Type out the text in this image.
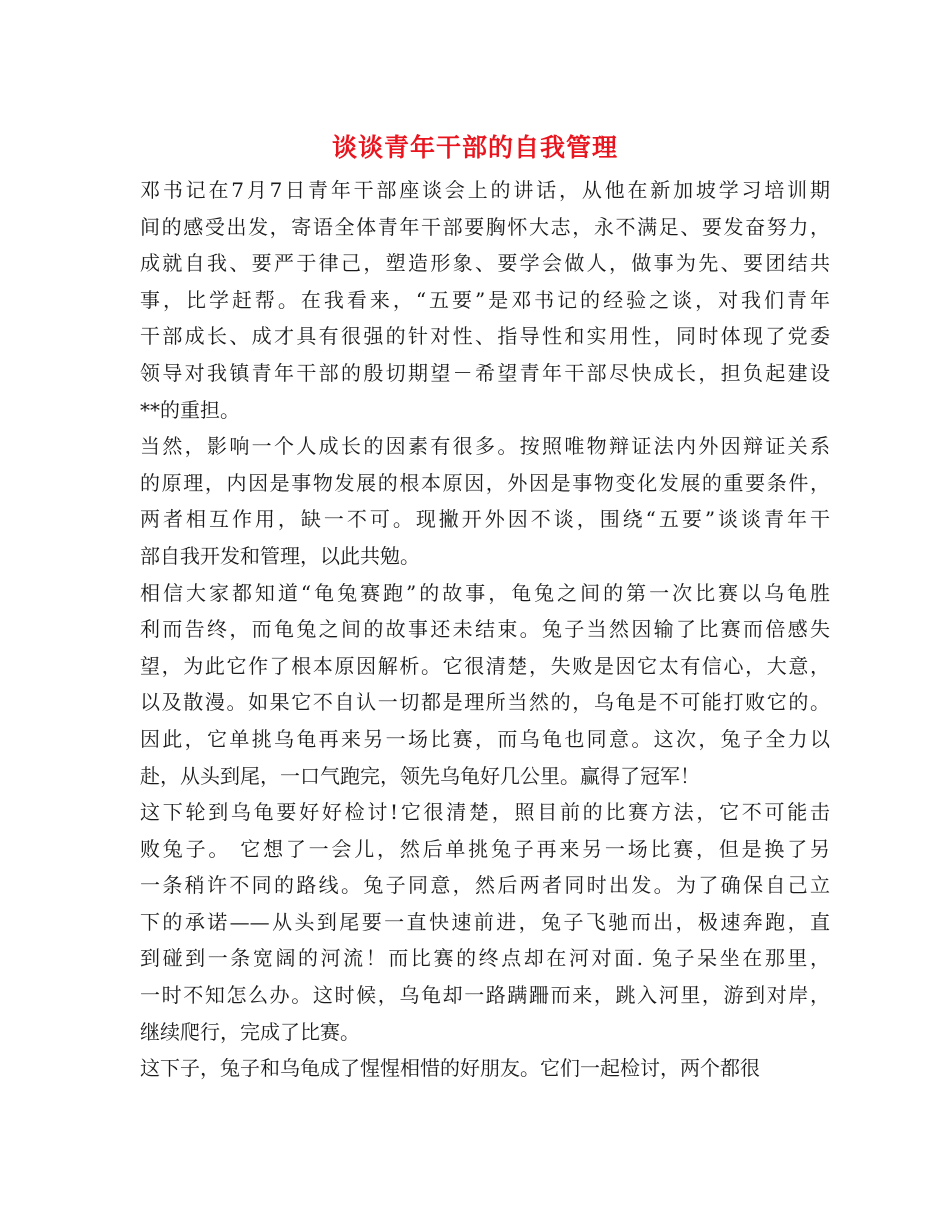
谈谈青年干部的自我管理

邓书记在7月7日青年干部座谈会上的讲话，从他在新加坡学习培训期
间的感受出发，寄语全体青年干部要胸怀大志，永不满足、要发奋努力，
成就自我、要严于律己，塑造形象、要学会做人，做事为先、要团结共
事，比学赶帮。在我看来，“五要”是邓书记的经验之谈，对我们青年
干部成长、成才具有很强的针对性、指导性和实用性，同时体现了党委
领导对我镇青年干部的殷切期望－希望青年干部尽快成长，担负起建设
**的重担。

当然，影响一个人成长的因素有很多。按照唯物辩证法内外因辩证关系
的原理，内因是事物发展的根本原因，外因是事物变化发展的重要条件，
两者相互作用，缺一不可。现撇开外因不谈，围绕“五要”谈谈青年干
部自我开发和管理，以此共勉。

相信大家都知道“龟兔赛跑”的故事，龟兔之间的第一次比赛以乌龟胜
利而告终，而龟兔之间的故事还未结束。兔子当然因输了比赛而倍感失
望，为此它作了根本原因解析。它很清楚，失败是因它太有信心，大意，
以及散漫。如果它不自认一切都是理所当然的，乌龟是不可能打败它的。
因此，它单挑乌龟再来另一场比赛，而乌龟也同意。这次，兔子全力以
赴，从头到尾，一口气跑完，领先乌龟好几公里。赢得了冠军！

这下轮到乌龟要好好检讨!它很清楚，照目前的比赛方法，它不可能击
败兔子。 它想了一会儿，然后单挑兔子再来另一场比赛，但是换了另
一条稍许不同的路线。兔子同意，然后两者同时出发。为了确保自己立
下的承诺——从头到尾要一直快速前进，兔子飞驰而出，极速奔跑，直
到碰到一条宽阔的河流！而比赛的终点却在河对面. 兔子呆坐在那里，
一时不知怎么办。这时候，乌龟却一路蹒跚而来，跳入河里，游到对岸，
继续爬行，完成了比赛。

这下子，兔子和乌龟成了惺惺相惜的好朋友。它们一起检讨，两个都很
